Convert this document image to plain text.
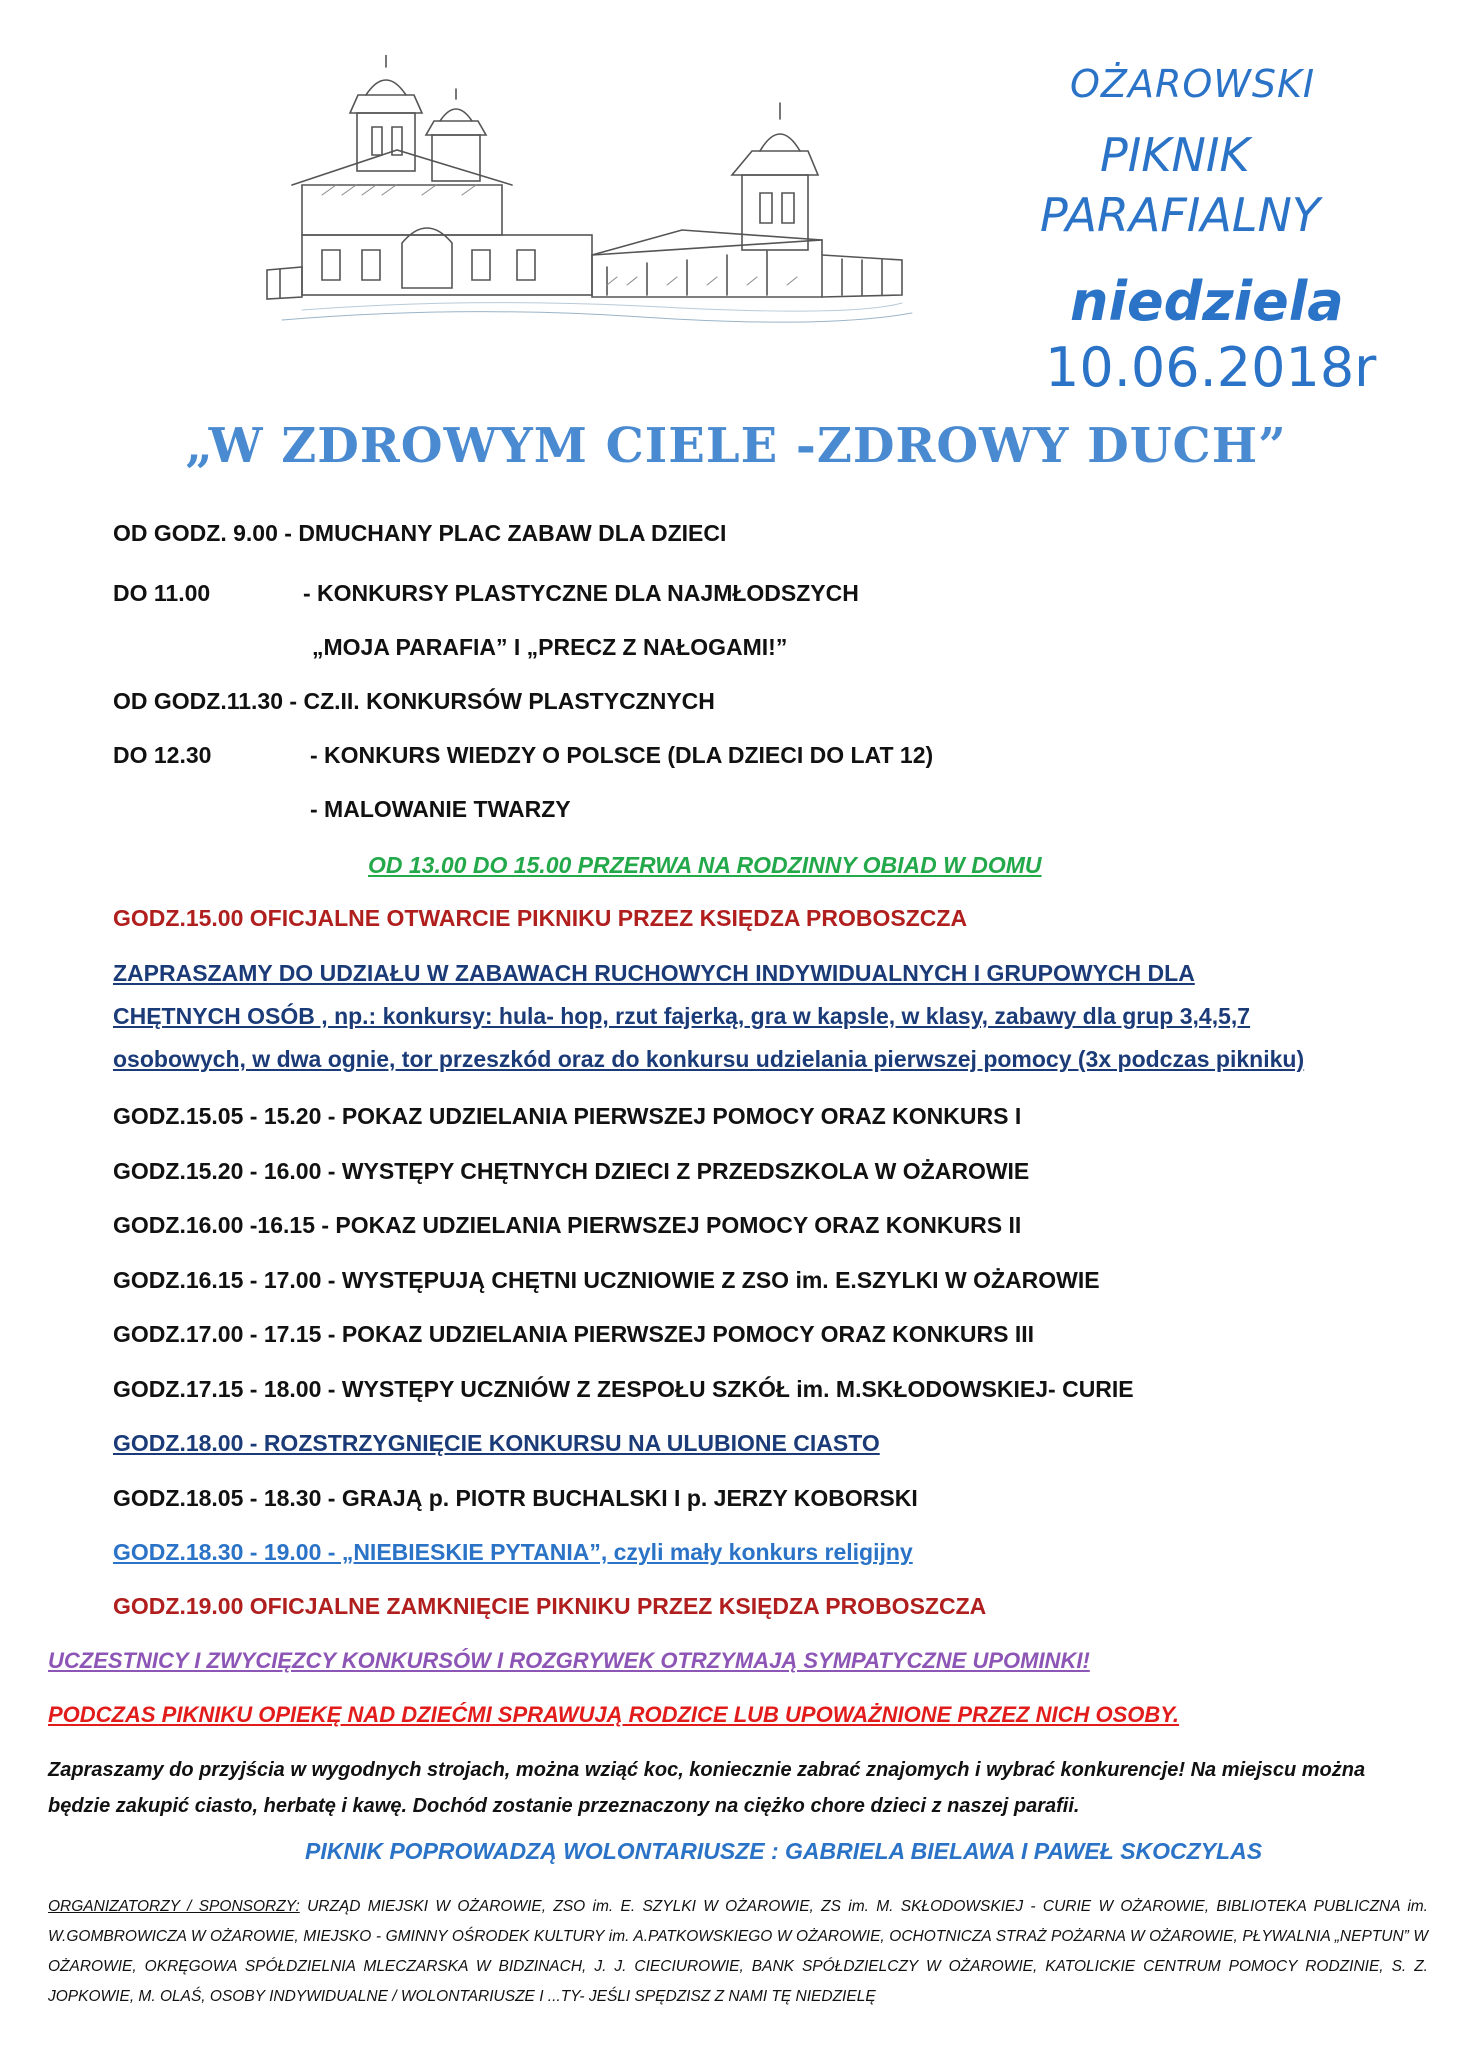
OŻAROWSKI
PIKNIK
PARAFIALNY
niedziela
10.06.2018r
„W ZDROWYM CIELE -ZDROWY DUCH”
OD GODZ. 9.00 - DMUCHANY PLAC ZABAW DLA DZIECI
DO 11.00	- KONKURSY PLASTYCZNE DLA NAJMŁODSZYCH
„MOJA PARAFIA” I „PRECZ Z NAŁOGAMI!”
OD GODZ.11.30 - CZ.II. KONKURSÓW PLASTYCZNYCH
DO 12.30	- KONKURS WIEDZY O POLSCE (DLA DZIECI DO LAT 12)
- MALOWANIE TWARZY
OD 13.00 DO 15.00 PRZERWA NA RODZINNY OBIAD W DOMU
GODZ.15.00 OFICJALNE OTWARCIE PIKNIKU PRZEZ KSIĘDZA PROBOSZCZA
ZAPRASZAMY DO UDZIAŁU W ZABAWACH RUCHOWYCH INDYWIDUALNYCH I GRUPOWYCH DLA
CHĘTNYCH OSÓB , np.: konkursy: hula- hop, rzut fajerką, gra w kapsle, w klasy, zabawy dla grup 3,4,5,7
osobowych, w dwa ognie, tor przeszkód oraz do konkursu udzielania pierwszej pomocy (3x podczas pikniku)
GODZ.15.05 - 15.20 - POKAZ UDZIELANIA PIERWSZEJ POMOCY ORAZ KONKURS I
GODZ.15.20 - 16.00 - WYSTĘPY CHĘTNYCH DZIECI Z PRZEDSZKOLA W OŻAROWIE
GODZ.16.00 -16.15 - POKAZ UDZIELANIA PIERWSZEJ POMOCY ORAZ KONKURS II
GODZ.16.15 - 17.00 - WYSTĘPUJĄ CHĘTNI UCZNIOWIE Z ZSO im. E.SZYLKI W OŻAROWIE
GODZ.17.00 - 17.15 - POKAZ UDZIELANIA PIERWSZEJ POMOCY ORAZ KONKURS III
GODZ.17.15 - 18.00 - WYSTĘPY UCZNIÓW Z ZESPOŁU SZKÓŁ im. M.SKŁODOWSKIEJ- CURIE
GODZ.18.00 - ROZSTRZYGNIĘCIE KONKURSU NA ULUBIONE CIASTO
GODZ.18.05 - 18.30 - GRAJĄ p. PIOTR BUCHALSKI I p. JERZY KOBORSKI
GODZ.18.30 - 19.00 - „NIEBIESKIE PYTANIA”, czyli mały konkurs religijny
GODZ.19.00 OFICJALNE ZAMKNIĘCIE PIKNIKU PRZEZ KSIĘDZA PROBOSZCZA
UCZESTNICY I ZWYCIĘZCY KONKURSÓW I ROZGRYWEK OTRZYMAJĄ SYMPATYCZNE UPOMINKI!
PODCZAS PIKNIKU OPIEKĘ NAD DZIEĆMI SPRAWUJĄ RODZICE LUB UPOWAŻNIONE PRZEZ NICH OSOBY.
Zapraszamy do przyjścia w wygodnych strojach, można wziąć koc, koniecznie zabrać znajomych i wybrać konkurencje! Na miejscu można będzie zakupić ciasto, herbatę i kawę. Dochód zostanie przeznaczony na ciężko chore dzieci z naszej parafii.
PIKNIK POPROWADZĄ WOLONTARIUSZE : GABRIELA BIELAWA I PAWEŁ SKOCZYLAS
ORGANIZATORZY / SPONSORZY: URZĄD MIEJSKI W OŻAROWIE, ZSO im. E. SZYLKI W OŻAROWIE, ZS im. M. SKŁODOWSKIEJ - CURIE W OŻAROWIE, BIBLIOTEKA PUBLICZNA im. W.GOMBROWICZA W OŻAROWIE, MIEJSKO - GMINNY OŚRODEK KULTURY im. A.PATKOWSKIEGO W OŻAROWIE, OCHOTNICZA STRAŻ POŻARNA W OŻAROWIE, PŁYWALNIA „NEPTUN” W OŻAROWIE, OKRĘGOWA SPÓŁDZIELNIA MLECZARSKA W BIDZINACH, J. J. CIECIUROWIE, BANK SPÓŁDZIELCZY W OŻAROWIE, KATOLICKIE CENTRUM POMOCY RODZINIE, S. Z. JOPKOWIE, M. OLAŚ, OSOBY INDYWIDUALNE / WOLONTARIUSZE I ...TY- JEŚLI SPĘDZISZ Z NAMI TĘ NIEDZIELĘ
